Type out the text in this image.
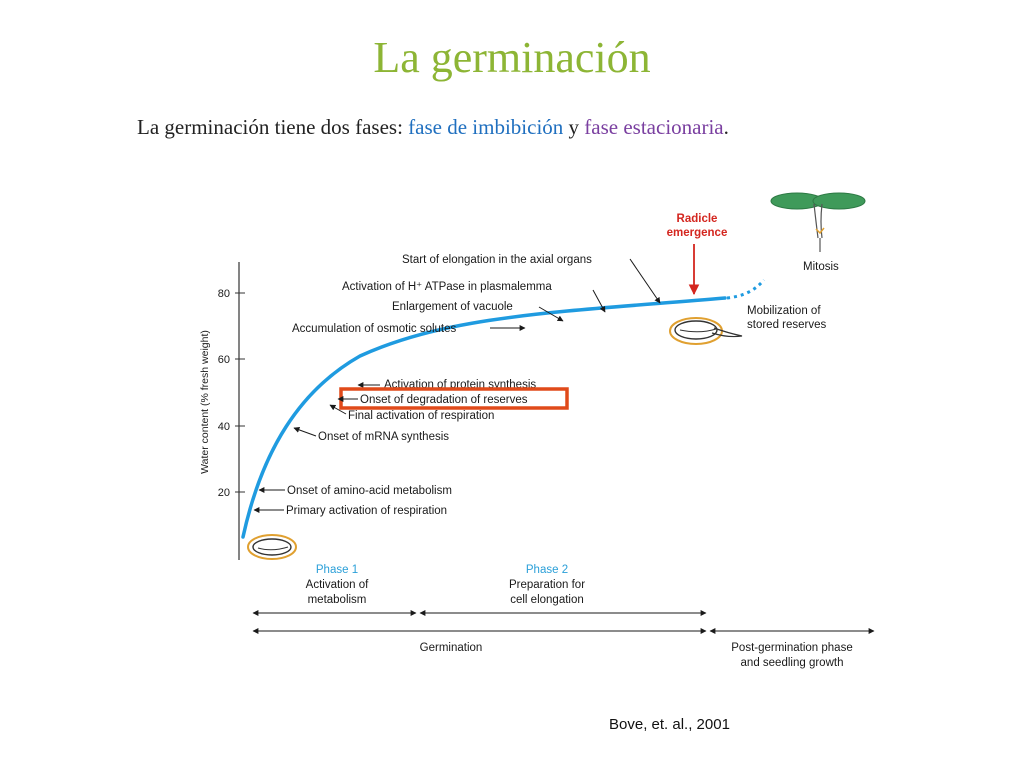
La germinación
La germinación tiene dos fases: fase de imbibición y fase estacionaria.
80
60
40
20
Water content (% fresh weight)
Start of elongation in the axial organs
Activation of H⁺ ATPase in plasmalemma
Enlargement of vacuole
Accumulation of osmotic solutes
Activation of protein synthesis
Onset of degradation of reserves
Final activation of respiration
Onset of mRNA synthesis
Onset of amino-acid metabolism
Primary activation of respiration
Radicle
emergence
Mitosis
Mobilization of
stored reserves
Phase 1
Activation of
metabolism
Phase 2
Preparation for
cell elongation
Germination	Post-germination phase
and seedling growth
Bove, et. al., 2001
